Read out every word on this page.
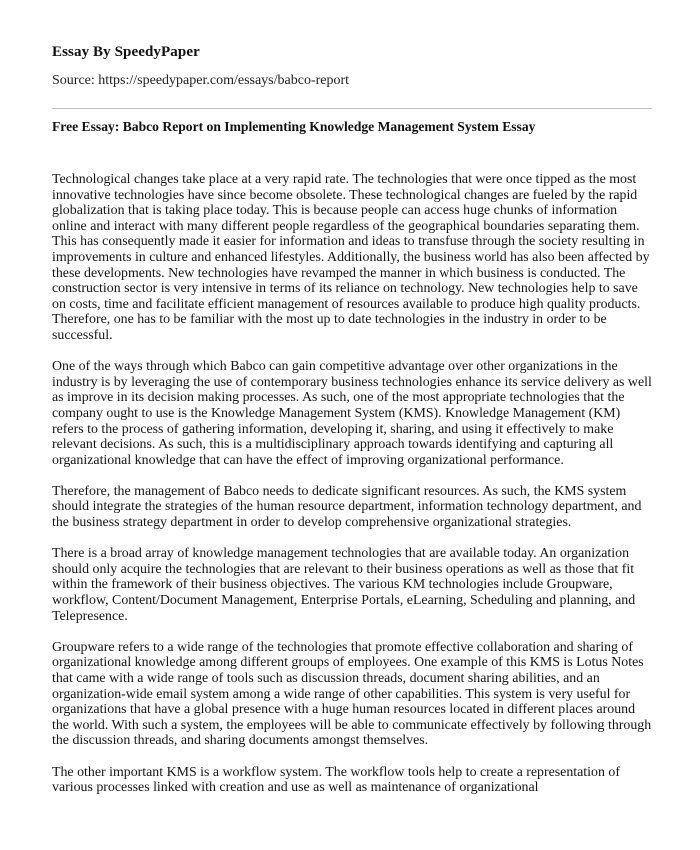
Essay By SpeedyPaper
Source: https://speedypaper.com/essays/babco-report
Free Essay: Babco Report on Implementing Knowledge Management System Essay

Technological changes take place at a very rapid rate. The technologies that were once tipped as the most innovative technologies have since become obsolete. These technological changes are fueled by the rapid globalization that is taking place today. This is because people can access huge chunks of information online and interact with many different people regardless of the geographical boundaries separating them. This has consequently made it easier for information and ideas to transfuse through the society resulting in improvements in culture and enhanced lifestyles. Additionally, the business world has also been affected by these developments. New technologies have revamped the manner in which business is conducted. The construction sector is very intensive in terms of its reliance on technology. New technologies help to save on costs, time and facilitate efficient management of resources available to produce high quality products. Therefore, one has to be familiar with the most up to date technologies in the industry in order to be successful.

One of the ways through which Babco can gain competitive advantage over other organizations in the industry is by leveraging the use of contemporary business technologies enhance its service delivery as well as improve in its decision making processes. As such, one of the most appropriate technologies that the company ought to use is the Knowledge Management System (KMS). Knowledge Management (KM) refers to the process of gathering information, developing it, sharing, and using it effectively to make relevant decisions. As such, this is a multidisciplinary approach towards identifying and capturing all organizational knowledge that can have the effect of improving organizational performance.

Therefore, the management of Babco needs to dedicate significant resources. As such, the KMS system should integrate the strategies of the human resource department, information technology department, and the business strategy department in order to develop comprehensive organizational strategies.

There is a broad array of knowledge management technologies that are available today. An organization should only acquire the technologies that are relevant to their business operations as well as those that fit within the framework of their business objectives. The various KM technologies include Groupware, workflow, Content/Document Management, Enterprise Portals, eLearning, Scheduling and planning, and Telepresence.

Groupware refers to a wide range of the technologies that promote effective collaboration and sharing of organizational knowledge among different groups of employees. One example of this KMS is Lotus Notes that came with a wide range of tools such as discussion threads, document sharing abilities, and an organization-wide email system among a wide range of other capabilities. This system is very useful for organizations that have a global presence with a huge human resources located in different places around the world. With such a system, the employees will be able to communicate effectively by following through the discussion threads, and sharing documents amongst themselves.

The other important KMS is a workflow system. The workflow tools help to create a representation of various processes linked with creation and use as well as maintenance of organizational
